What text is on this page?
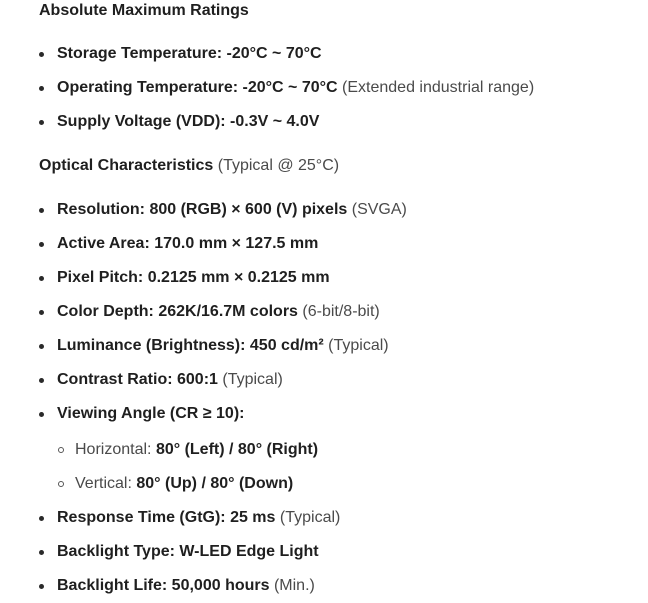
Absolute Maximum Ratings
Storage Temperature: -20°C ~ 70°C
Operating Temperature: -20°C ~ 70°C (Extended industrial range)
Supply Voltage (VDD): -0.3V ~ 4.0V
Optical Characteristics (Typical @ 25°C)
Resolution: 800 (RGB) × 600 (V) pixels (SVGA)
Active Area: 170.0 mm × 127.5 mm
Pixel Pitch: 0.2125 mm × 0.2125 mm
Color Depth: 262K/16.7M colors (6-bit/8-bit)
Luminance (Brightness): 450 cd/m² (Typical)
Contrast Ratio: 600:1 (Typical)
Viewing Angle (CR ≥ 10):
Horizontal: 80° (Left) / 80° (Right)
Vertical: 80° (Up) / 80° (Down)
Response Time (GtG): 25 ms (Typical)
Backlight Type: W-LED Edge Light
Backlight Life: 50,000 hours (Min.)
